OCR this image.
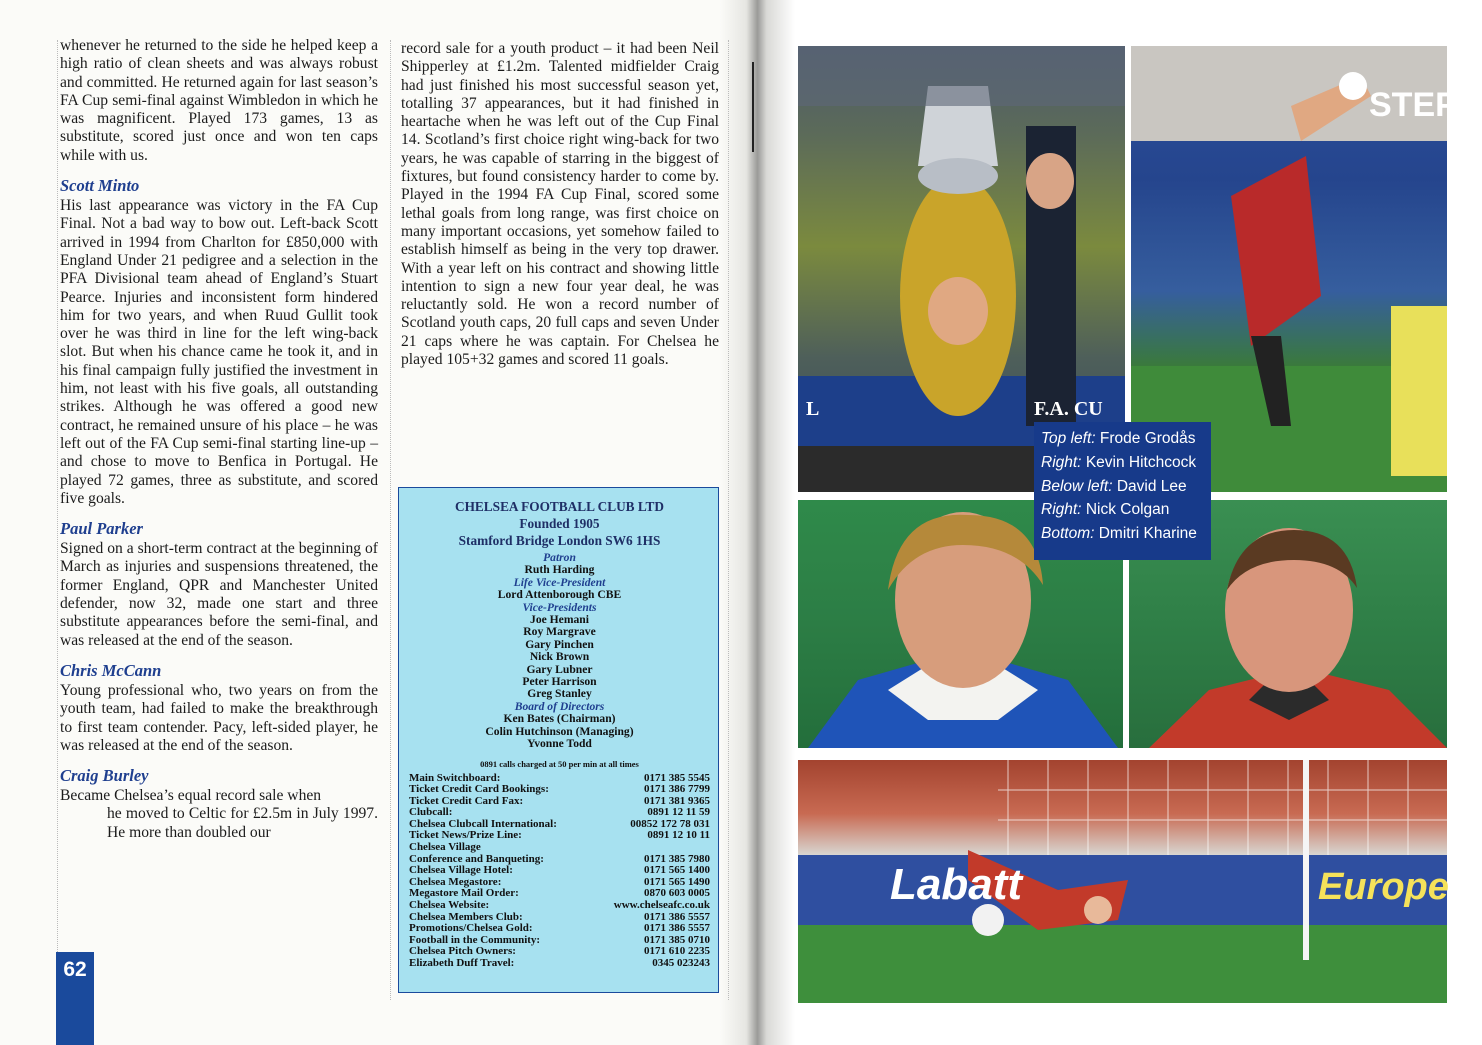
whenever he returned to the side he helped keep a high ratio of clean sheets and was always robust and committed. He returned again for last season’s FA Cup semi-final against Wimbledon in which he was magnificent. Played 173 games, 13 as substitute, scored just once and won ten caps while with us.

Scott Minto

His last appearance was victory in the FA Cup Final. Not a bad way to bow out. Left-back Scott arrived in 1994 from Charlton for £850,000 with England Under 21 pedigree and a selection in the PFA Divisional team ahead of England’s Stuart Pearce. Injuries and inconsistent form hindered him for two years, and when Ruud Gullit took over he was third in line for the left wing-back slot. But when his chance came he took it, and in his final campaign fully justified the investment in him, not least with his five goals, all outstanding strikes. Although he was offered a good new contract, he remained unsure of his place – he was left out of the FA Cup semi-final starting line-up – and chose to move to Benfica in Portugal. He played 72 games, three as substitute, and scored five goals.

Paul Parker

Signed on a short-term contract at the beginning of March as injuries and suspensions threatened, the former England, QPR and Manchester United defender, now 32, made one start and three substitute appearances before the semi-final, and was released at the end of the season.

Chris McCann

Young professional who, two years on from the youth team, had failed to make the breakthrough to first team contender. Pacy, left-sided player, he was released at the end of the season.

Craig Burley

Became Chelsea’s equal record sale when

he moved to Celtic for £2.5m in July 1997. He more than doubled our

62

record sale for a youth product – it had been Neil Shipperley at £1.2m. Talented midfielder Craig had just finished his most successful season yet, totalling 37 appearances, but it had finished in heartache when he was left out of the Cup Final 14. Scotland’s first choice right wing-back for two years, he was capable of starring in the biggest of fixtures, but found consistency harder to come by. Played in the 1994 FA Cup Final, scored some lethal goals from long range, was first choice on many important occasions, yet somehow failed to establish himself as being in the very top drawer. With a year left on his contract and showing little intention to sign a new four year deal, he was reluctantly sold. He won a record number of Scotland youth caps, 20 full caps and seven Under 21 caps where he was captain. For Chelsea he played 105+32 games and scored 11 goals.

CHELSEA FOOTBALL CLUB LTD
Founded 1905
Stamford Bridge London SW6 1HS
Patron
Ruth Harding
Life Vice-President
Lord Attenborough CBE
Vice-Presidents
Joe Hemani
Roy Margrave
Gary Pinchen
Nick Brown
Gary Lubner
Peter Harrison
Greg Stanley
Board of Directors
Ken Bates (Chairman)
Colin Hutchinson (Managing)
Yvonne Todd
0891 calls charged at 50 per min at all times
Main Switchboard:	0171 385 5545
Ticket Credit Card Bookings:	0171 386 7799
Ticket Credit Card Fax:	0171 381 9365
Clubcall:	0891 12 11 59
Chelsea Clubcall International:	00852 172 78 031
Ticket News/Prize Line:	0891 12 10 11
Chelsea Village
Conference and Banqueting:	0171 385 7980
Chelsea Village Hotel:	0171 565 1400
Chelsea Megastore:	0171 565 1490
Megastore Mail Order:	0870 603 0005
Chelsea Website:	www.chelseafc.co.uk
Chelsea Members Club:	0171 386 5557
Promotions/Chelsea Gold:	0171 386 5557
Football in the Community:	0171 385 0710
Chelsea Pitch Owners:	0171 610 2235
Elizabeth Duff Travel:	0345 023243
L	F.A. CU
STEPH
Top left: Frode Grodås
Right: Kevin Hitchcock
Below left: David Lee
Right: Nick Colgan
Bottom: Dmitri Kharine
Labatt	Europe
